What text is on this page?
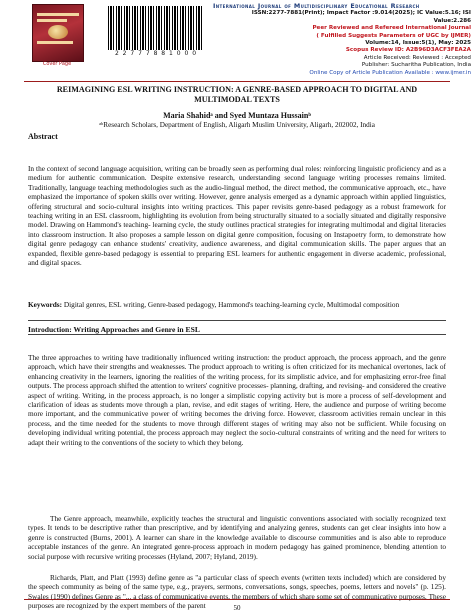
Cover Page
2 2 7 7 7 8 8 1 0 0 0
International Journal of Multidisciplinary Educational Research
ISSN:2277-7881(Print); Impact Factor :9.014(2025); IC Value:5.16; ISI Value:2.286
Peer Reviewed and Refereed International Journal
( Fulfilled Suggests Parameters of UGC by IJMER)
Volume:14, Issue:5(1), May: 2025
Scopus Review ID: A2B96D3ACF3FEA2A
Article Received: Reviewed : Accepted
Publisher: Sucharitha Publication, India
Online Copy of Article Publication Available : www.ijmer.in
REIMAGINING ESL WRITING INSTRUCTION: A GENRE-BASED APPROACH TO DIGITAL AND MULTIMODAL TEXTS
Maria Shahidᵃ and Syed Muntaza Hussainᵇ
ᵃᵇResearch Scholars, Department of English, Aligarh Muslim University, Aligarh, 202002, India
Abstract
In the context of second language acquisition, writing can be broadly seen as performing dual roles: reinforcing linguistic proficiency and as a medium for authentic communication. Despite extensive research, understanding second language writing processes remains limited. Traditionally, language teaching methodologies such as the audio-lingual method, the direct method, the communicative approach, etc., have emphasized the importance of spoken skills over writing. However, genre analysis emerged as a dynamic approach within applied linguistics, offering structural and socio-cultural insights into writing practices. This paper revisits genre-based pedagogy as a robust framework for teaching writing in an ESL classroom, highlighting its evolution from being structurally situated to a socially situated and digitally responsive model. Drawing on Hammond's teaching- learning cycle, the study outlines practical strategies for integrating multimodal and digital literacies into classroom instruction. It also proposes a sample lesson on digital genre composition, focusing on Instapoetry form, to demonstrate how digital genre pedagogy can enhance students' creativity, audience awareness, and digital communication skills. The paper argues that an expanded, flexible genre-based pedagogy is essential to preparing ESL learners for authentic engagement in diverse academic, professional, and digital spaces.
Keywords: Digital genres, ESL writing, Genre-based pedagogy, Hammond's teaching-learning cycle, Multimodal composition
Introduction: Writing Approaches and Genre in ESL
The three approaches to writing have traditionally influenced writing instruction: the product approach, the process approach, and the genre approach, which have their strengths and weaknesses. The product approach to writing is often criticized for its mechanical overtones, lack of enhancing creativity in the learners, ignoring the realities of the writing process, for its simplistic advice, and for emphasizing error-free final outputs. The process approach shifted the attention to writers' cognitive processes- planning, drafting, and revising- and considered the creative aspect of writing. Writing, in the process approach, is no longer a simplistic copying activity but is more a process of self-development and clarification of ideas as students move through a plan, revise, and edit stages of writing. Here, the audience and purpose of writing become more important, and the communicative power of writing becomes the driving force. However, classroom activities remain unclear in this process, and the time needed for the students to move through different stages of writing may also not be sufficient. While focusing on developing individual writing potential, the process approach may neglect the socio-cultural constraints of writing and the need for writers to adapt their writing to the conventions of the society to which they belong.
The Genre approach, meanwhile, explicitly teaches the structural and linguistic conventions associated with socially recognized text types. It tends to be descriptive rather than prescriptive, and by identifying and analyzing genres, students can get clear insights into how a genre is constructed (Burns, 2001). A learner can share in the knowledge available to discourse communities and is also able to reproduce acceptable instances of the genre. An integrated genre-process approach in modern pedagogy has gained prominence, blending attention to social purpose with recursive writing processes (Hyland, 2007; Hyland, 2019).
Richards, Platt, and Platt (1993) define genre as "a particular class of speech events (written texts included) which are considered by the speech community as being of the same type, e.g., prayers, sermons, conversations, songs, speeches, poems, letters and novels" (p. 125). Swales (1990) defines Genre as "... a class of communicative events, the members of which share some set of communicative purposes. These purposes are recognized by the expert members of the parent	50
